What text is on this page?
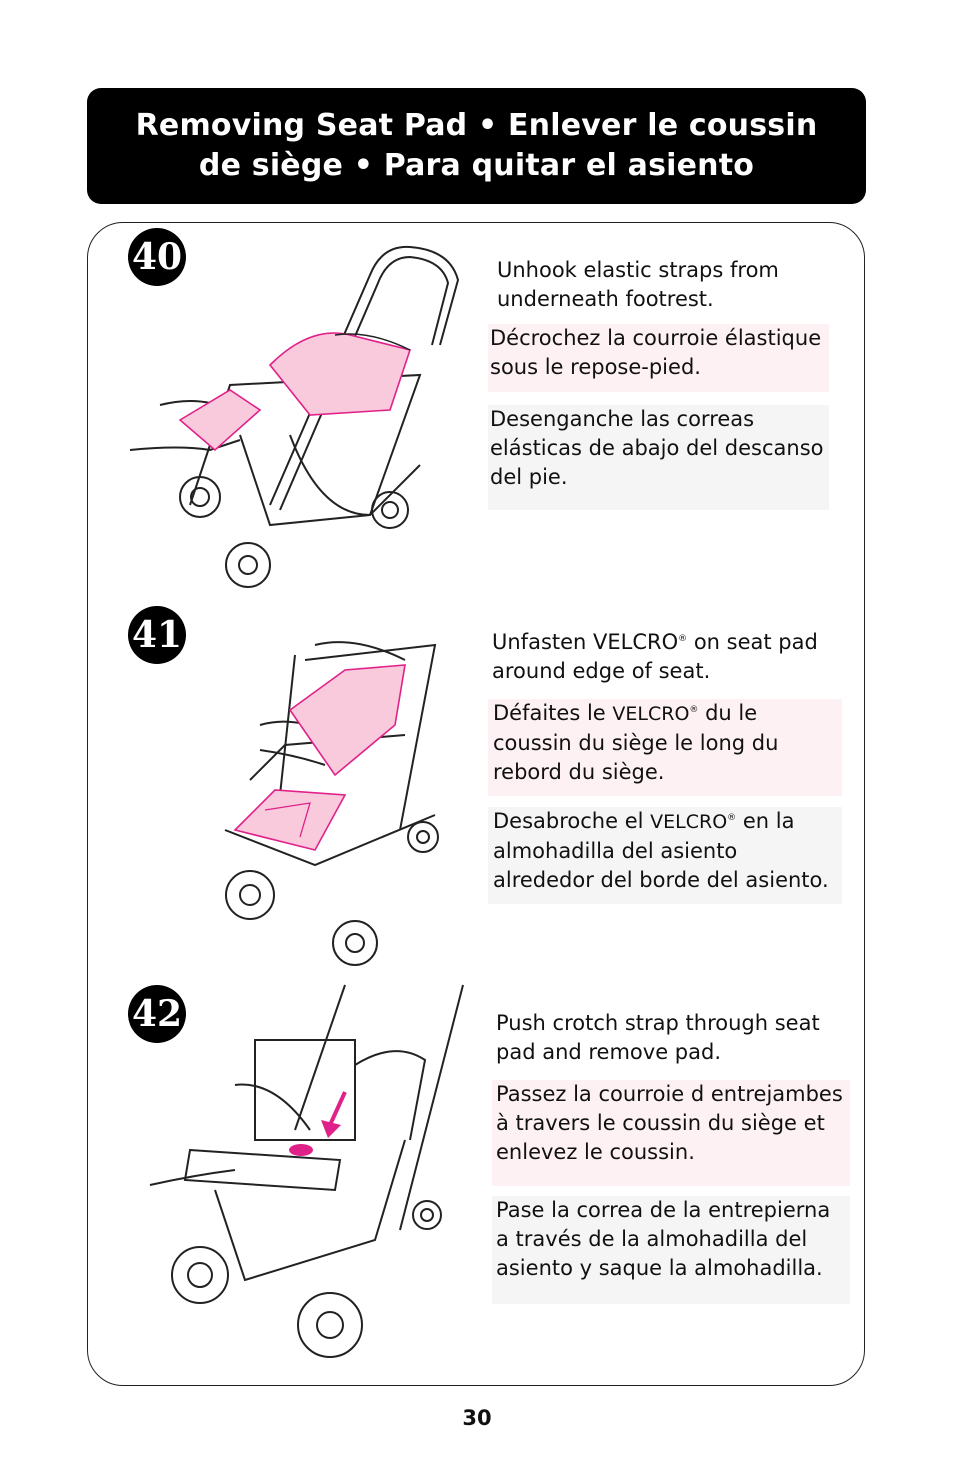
Removing Seat Pad • Enlever le coussin
de siège • Para quitar el asiento
40	Unhook elastic straps from underneath footrest.
Décrochez la courroie élastique sous le repose-pied.
Desenganche las correas elásticas de abajo del descanso del pie.
41	Unfasten VELCRO® on seat pad around edge of seat.
Défaites le VELCRO® du le coussin du siège le long du rebord du siège.
Desabroche el VELCRO® en la almohadilla del asiento alrededor del borde del asiento.
42	Push crotch strap through seat pad and remove pad.
Passez la courroie d entrejambes à travers le coussin du siège et enlevez le coussin.
Pase la correa de la entrepierna a través de la almohadilla del asiento y saque la almohadilla.
30
